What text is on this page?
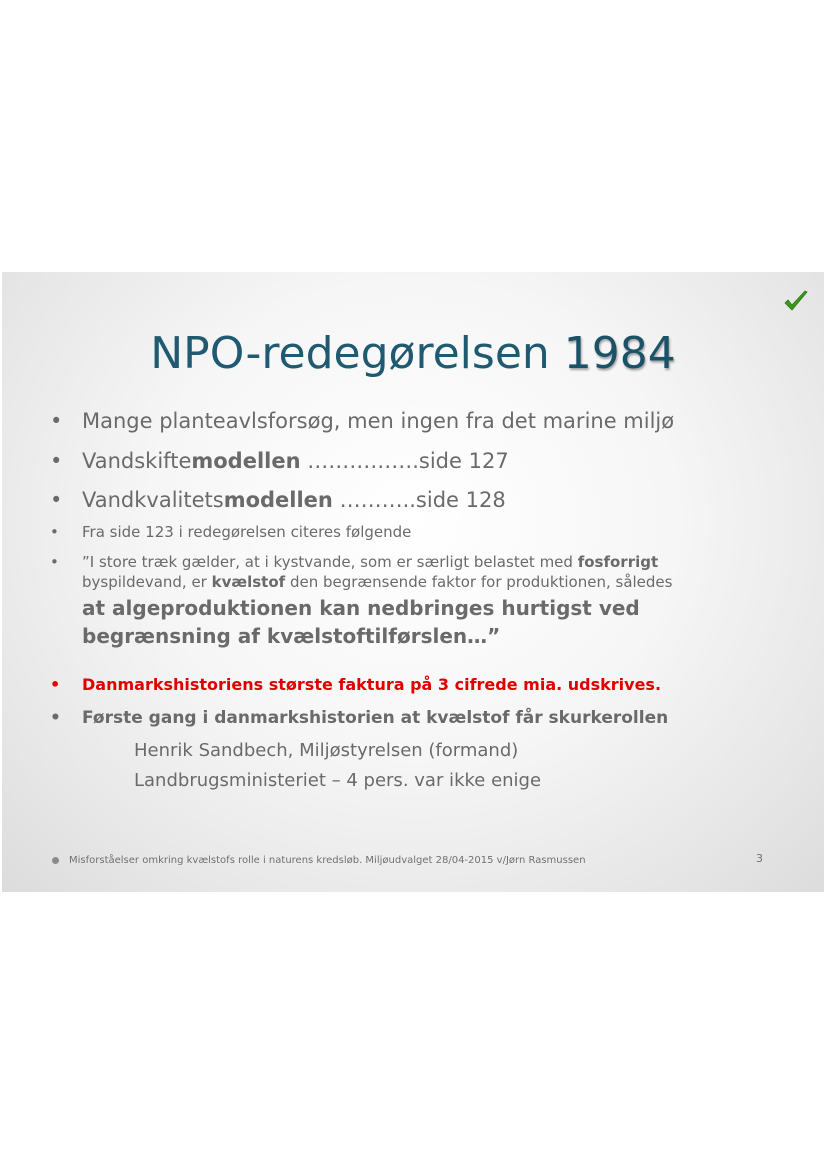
NPO-redegørelsen 1984
• Mange planteavlsforsøg, men ingen fra det marine miljø
• Vandskiftemodellen …………….side 127
• Vandkvalitetsmodellen ………..side 128
• Fra side 123 i redegørelsen citeres følgende
• ”I store træk gælder, at i kystvande, som er særligt belastet med fosforrigt
byspildevand, er kvælstof den begrænsende faktor for produktionen, således
at algeproduktionen kan nedbringes hurtigst ved
begrænsning af kvælstoftilførslen…”
• Danmarkshistoriens største faktura på 3 cifrede mia. udskrives.
• Første gang i danmarkshistorien at kvælstof får skurkerollen
Henrik Sandbech, Miljøstyrelsen (formand)
Landbrugsministeriet – 4 pers. var ikke enige
Misforståelser omkring kvælstofs rolle i naturens kredsløb. Miljøudvalget 28/04-2015 v/Jørn Rasmussen	3
